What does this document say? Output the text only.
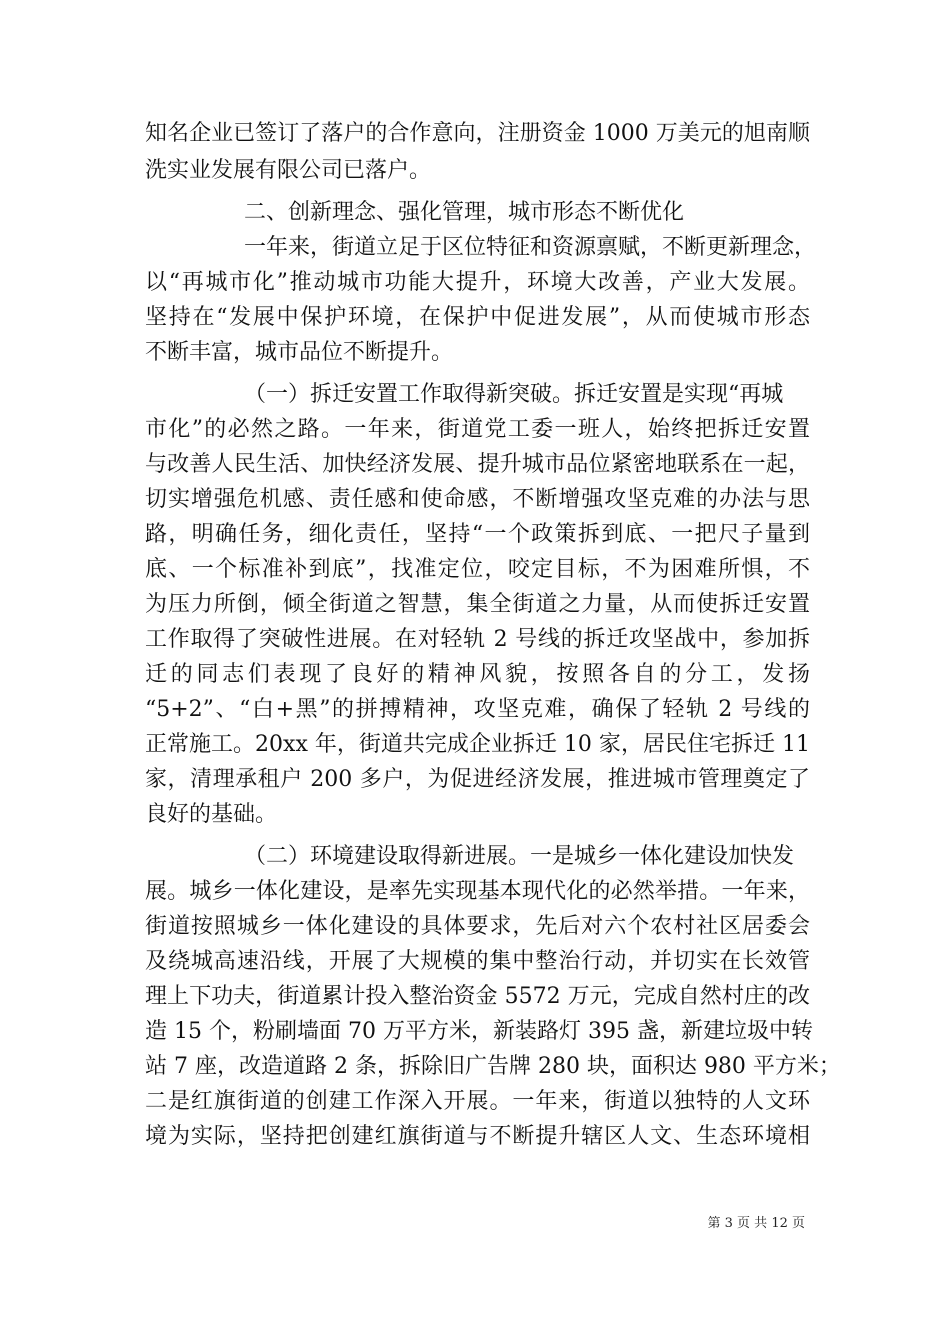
知名企业已签订了落户的合作意向，注册资金 1000 万美元的旭南顺
洗实业发展有限公司已落户。
二、创新理念、强化管理，城市形态不断优化
一年来，街道立足于区位特征和资源禀赋，不断更新理念，
以“再城市化”推动城市功能大提升，环境大改善，产业大发展。
坚持在“发展中保护环境，在保护中促进发展”，从而使城市形态
不断丰富，城市品位不断提升。
（一）拆迁安置工作取得新突破。拆迁安置是实现“再城
市化”的必然之路。一年来，街道党工委一班人，始终把拆迁安置
与改善人民生活、加快经济发展、提升城市品位紧密地联系在一起，
切实增强危机感、责任感和使命感，不断增强攻坚克难的办法与思
路，明确任务，细化责任，坚持“一个政策拆到底、一把尺子量到
底、一个标准补到底”，找准定位，咬定目标，不为困难所惧，不
为压力所倒，倾全街道之智慧，集全街道之力量，从而使拆迁安置
工作取得了突破性进展。在对轻轨 2 号线的拆迁攻坚战中，参加拆
迁的同志们表现了良好的精神风貌，按照各自的分工，发扬
“5+2”、“白+黑”的拼搏精神，攻坚克难，确保了轻轨 2 号线的
正常施工。20xx 年，街道共完成企业拆迁 10 家，居民住宅拆迁 11
家，清理承租户 200 多户，为促进经济发展，推进城市管理奠定了
良好的基础。
（二）环境建设取得新进展。一是城乡一体化建设加快发
展。城乡一体化建设，是率先实现基本现代化的必然举措。一年来，
街道按照城乡一体化建设的具体要求，先后对六个农村社区居委会
及绕城高速沿线，开展了大规模的集中整治行动，并切实在长效管
理上下功夫，街道累计投入整治资金 5572 万元，完成自然村庄的改
造 15 个，粉刷墙面 70 万平方米，新装路灯 395 盏，新建垃圾中转
站 7 座，改造道路 2 条，拆除旧广告牌 280 块，面积达 980 平方米；
二是红旗街道的创建工作深入开展。一年来，街道以独特的人文环
境为实际，坚持把创建红旗街道与不断提升辖区人文、生态环境相
第 3 页 共 12 页
